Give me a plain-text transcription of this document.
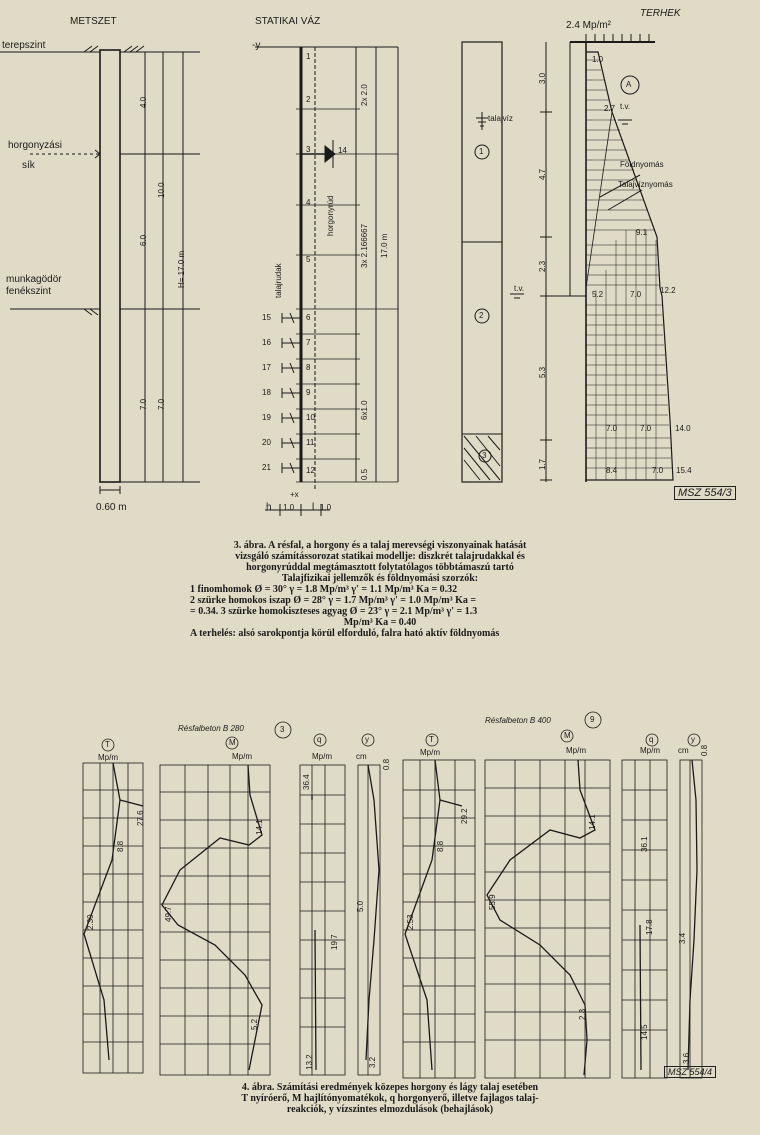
METSZET
terepszint
horgonyzási
sík
munkagödör
fenékszint
4.0
6.0
10.0
7.0 7.0
H= 17.0 m
0.60 m
STATIKAI VÁZ
-y
1
2
3
4
5
6
7
8
9
10
11
12
15
16
17
18
19
20
21
14
horgonyrúd
talajrudak
2x 2.0
3x 2.166667 17.0 m
6x1.0
0.5
+x
h 1.0	1.0
l
talajvíz
1
2
3
TERHEK
2.4 Mp/m²
A
Földnyomás
Talajvíznyomás
t.v.
t.v.
3.0
4.7
2.3
5.3
1.7
1.0
2.7
9.1
5.2	7.0 12.2
7.0	7.0	14.0
8.4	7.0 15.4
MSZ 554/3
3. ábra. A résfal, a horgony és a talaj merevségi viszonyainak hatását
vizsgáló számítássorozat statikai modellje: diszkrét talajrudakkal és
horgonyrúddal megtámasztott folytatólagos többtámaszú tartó
Talajfizikai jellemzők és földnyomási szorzók:
1 finomhomok Ø = 30° γ = 1.8 Mp/m³ γ' = 1.1 Mp/m³ Ka = 0.32
2 szürke homokos iszap Ø = 28° γ = 1.7 Mp/m³ γ' = 1.0 Mp/m³ Ka =
= 0.34. 3 szürke homokiszteses agyag Ø = 23° γ = 2.1 Mp/m³ γ' = 1.3
Mp/m³ Ka = 0.40
A terhelés: alsó sarokpontja körül elforduló, falra ható aktív földnyomás
Résfalbeton B 280	3
T
Mp/m
8.8
27.6
2.30
M
Mp/m
14.1
49.7
5.2
q
Mp/m
36.4
19.7
13.2
y
cm
0.8
5.0
3.2
Résfalbeton B 400	9
T
Mp/m
8.8
29.2
2.53
M
Mp/m
14.1
55.9
2.3
q
Mp/m
36.1
17.8
14.5
y
cm 0.8
3.4
3.6
MSZ 554/4
4. ábra. Számítási eredmények közepes horgony és lágy talaj esetében
T nyíróerő, M hajlítónyomatékok, q horgonyerő, illetve fajlagos talaj-
reakciók, y vízszintes elmozdulások (behajlások)
